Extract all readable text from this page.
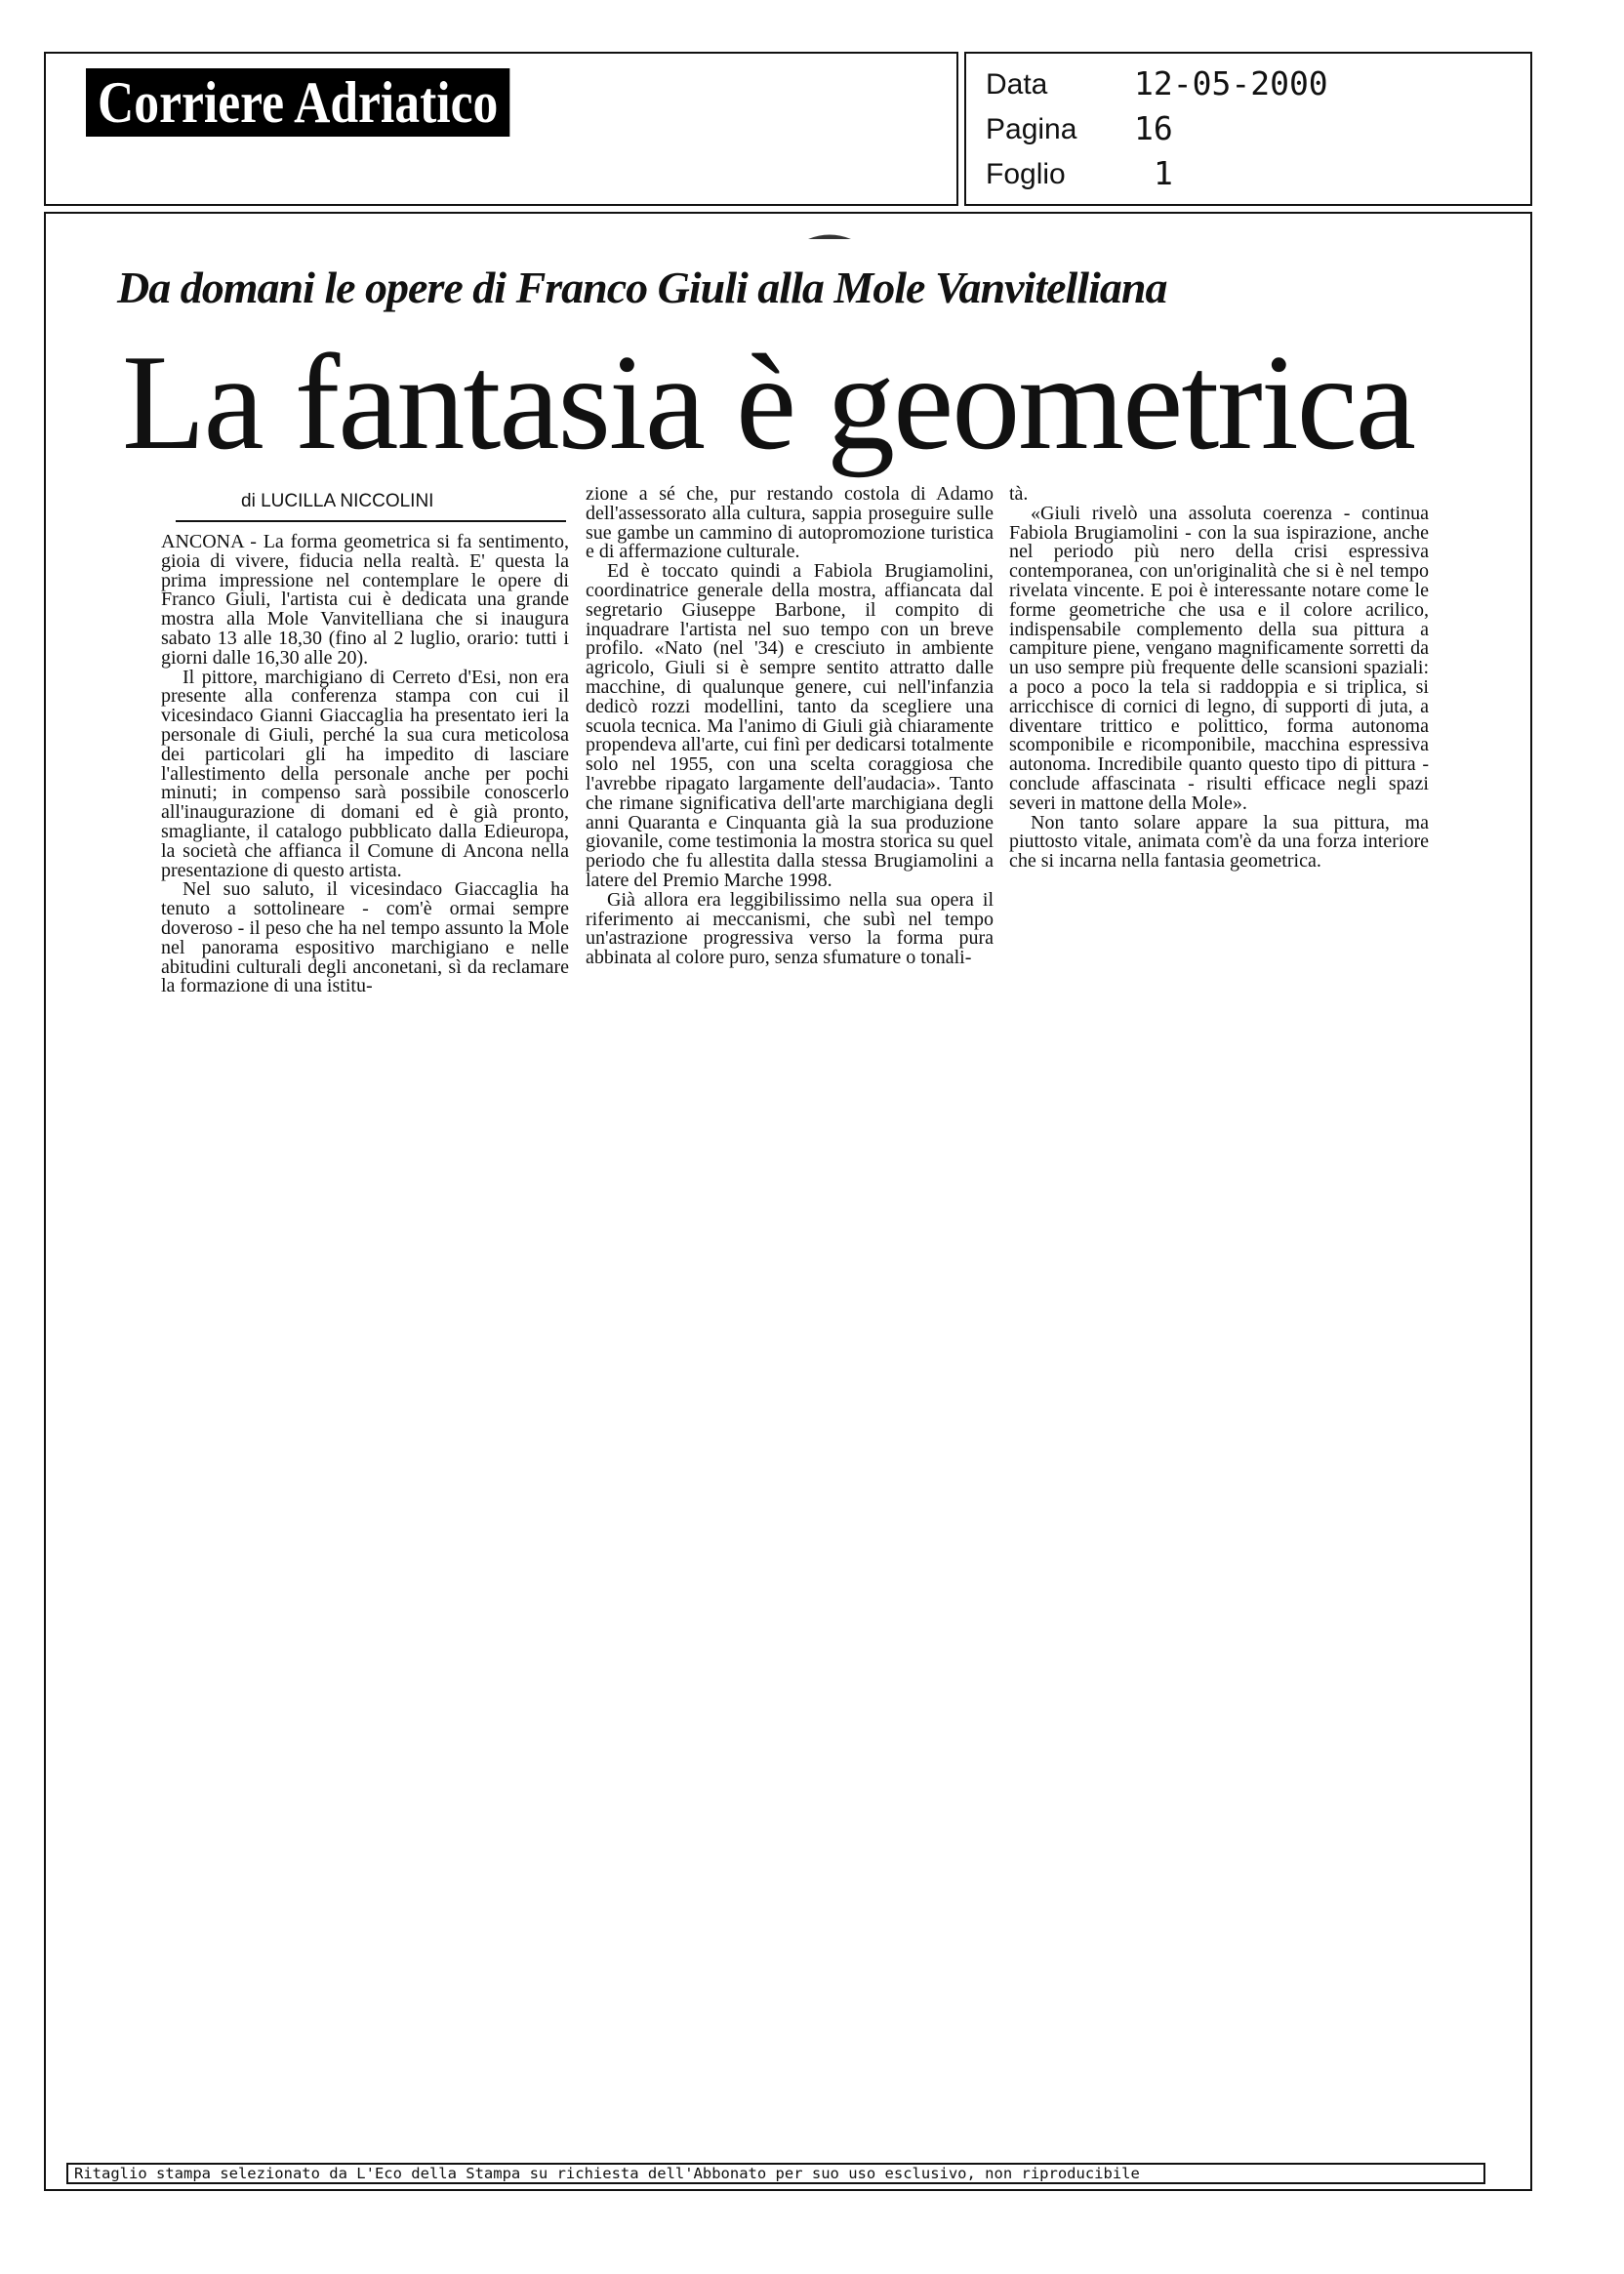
Corriere Adriatico	Data	12-05-2000
Pagina 16
Foglio	1
Da domani le opere di Franco Giuli alla Mole Vanvitelliana
La fantasia è geometrica
di LUCILLA NICCOLINI

ANCONA - La forma geometrica si fa sentimento, gioia di vivere, fiducia nella realtà. E' questa la prima impressione nel contemplare le opere di Franco Giuli, l'artista cui è dedicata una grande mostra alla Mole Vanvitelliana che si inaugura sabato 13 alle 18,30 (fino al 2 luglio, orario: tutti i giorni dalle 16,30 alle 20).

Il pittore, marchigiano di Cerreto d'Esi, non era presente alla conferenza stampa con cui il vicesindaco Gianni Giaccaglia ha presentato ieri la personale di Giuli, perché la sua cura meticolosa dei particolari gli ha impedito di lasciare l'allestimento della personale anche per pochi minuti; in compenso sarà possibile conoscerlo all'inaugurazione di domani ed è già pronto, smagliante, il catalogo pubblicato dalla Edieuropa, la società che affianca il Comune di Ancona nella presentazione di questo artista.

Nel suo saluto, il vicesindaco Giaccaglia ha tenuto a sottolineare - com'è ormai sempre doveroso - il peso che ha nel tempo assunto la Mole nel panorama espositivo marchigiano e nelle abitudini culturali degli anconetani, sì da reclamare la formazione di una istitu-

zione a sé che, pur restando costola di Adamo dell'assessorato alla cultura, sappia proseguire sulle sue gambe un cammino di autopromozione turistica e di affermazione culturale.

Ed è toccato quindi a Fabiola Brugiamolini, coordinatrice generale della mostra, affiancata dal segretario Giuseppe Barbone, il compito di inquadrare l'artista nel suo tempo con un breve profilo. «Nato (nel '34) e cresciuto in ambiente agricolo, Giuli si è sempre sentito attratto dalle macchine, di qualunque genere, cui nell'infanzia dedicò rozzi modellini, tanto da scegliere una scuola tecnica. Ma l'animo di Giuli già chiaramente propendeva all'arte, cui finì per dedicarsi totalmente solo nel 1955, con una scelta coraggiosa che l'avrebbe ripagato largamente dell'audacia». Tanto che rimane significativa dell'arte marchigiana degli anni Quaranta e Cinquanta già la sua produzione giovanile, come testimonia la mostra storica su quel periodo che fu allestita dalla stessa Brugiamolini a latere del Premio Marche 1998.

Già allora era leggibilissimo nella sua opera il riferimento ai meccanismi, che subì nel tempo un'astrazione progressiva verso la forma pura abbinata al colore puro, senza sfumature o tonali-

tà.

«Giuli rivelò una assoluta coerenza - continua Fabiola Brugiamolini - con la sua ispirazione, anche nel periodo più nero della crisi espressiva contemporanea, con un'originalità che si è nel tempo rivelata vincente. E poi è interessante notare come le forme geometriche che usa e il colore acrilico, indispensabile complemento della sua pittura a campiture piene, vengano magnificamente sorretti da un uso sempre più frequente delle scansioni spaziali: a poco a poco la tela si raddoppia e si triplica, si arricchisce di cornici di legno, di supporti di juta, a diventare trittico e polittico, forma autonoma scomponibile e ricomponibile, macchina espressiva autonoma. Incredibile quanto questo tipo di pittura - conclude affascinata - risulti efficace negli spazi severi in mattone della Mole».

Non tanto solare appare la sua pittura, ma piuttosto vitale, animata com'è da una forza interiore che si incarna nella fantasia geometrica.

Ritaglio stampa selezionato da L'Eco della Stampa su richiesta dell'Abbonato per suo uso esclusivo, non riproducibile
